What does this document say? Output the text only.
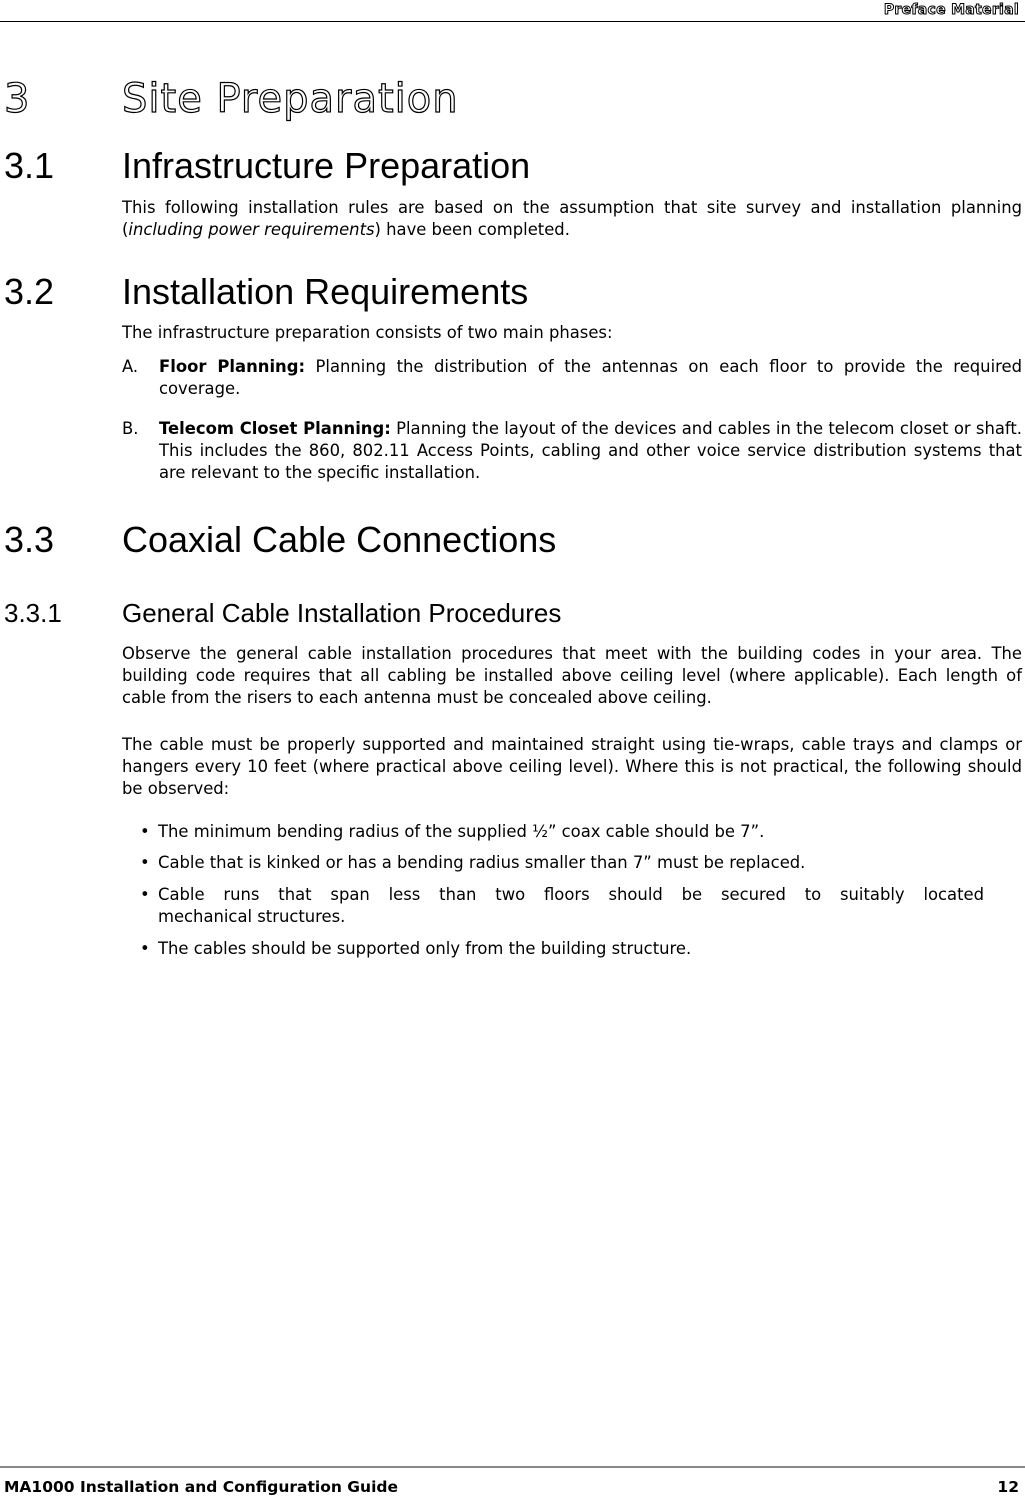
Preface Material
3 Site Preparation
3.1 Infrastructure Preparation

This following installation rules are based on the assumption that site survey and installation planning (including power requirements) have been completed.

3.2 Installation Requirements

The infrastructure preparation consists of two main phases:

A. Floor Planning: Planning the distribution of the antennas on each floor to provide the required coverage.
B. Telecom Closet Planning: Planning the layout of the devices and cables in the telecom closet or shaft. This includes the 860, 802.11 Access Points, cabling and other voice service distribution systems that are relevant to the specific installation.
3.3 Coaxial Cable Connections
3.3.1 General Cable Installation Procedures

Observe the general cable installation procedures that meet with the building codes in your area. The building code requires that all cabling be installed above ceiling level (where applicable). Each length of cable from the risers to each antenna must be concealed above ceiling.

The cable must be properly supported and maintained straight using tie-wraps, cable trays and clamps or hangers every 10 feet (where practical above ceiling level). Where this is not practical, the following should be observed:

• The minimum bending radius of the supplied ½” coax cable should be 7”.
• Cable that is kinked or has a bending radius smaller than 7” must be replaced.
• Cable runs that span less than two floors should be secured to suitably located
mechanical structures.
• The cables should be supported only from the building structure.
MA1000 Installation and Configuration Guide	12
